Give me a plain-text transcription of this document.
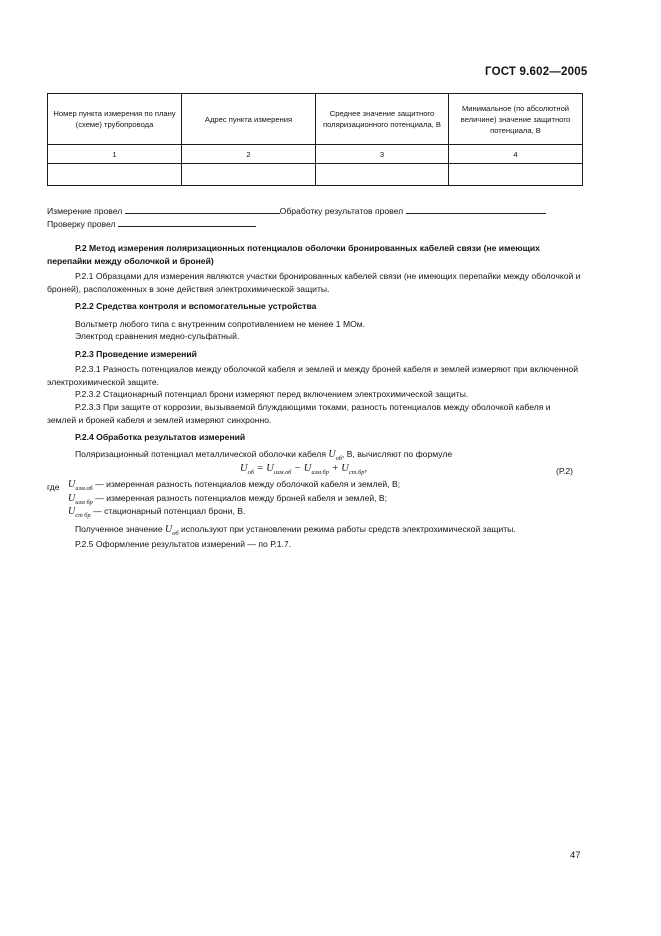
ГОСТ 9.602—2005
Номер пункта измерения по плану (схеме) трубопровода	Адрес пункта измерения	Среднее значение защитного поляризационного потенциала, В	Минимальное (по абсолютной величине) значение защитного потенциала, В
1	2	3	4

Измерение провел	Обработку результатов провел
Проверку провел
Р.2 Метод измерения поляризационных потенциалов оболочки бронированных кабелей связи (не имеющих перепайки между оболочкой и броней)
Р.2.1 Образцами для измерения являются участки бронированных кабелей связи (не имеющих перепайки между оболочкой и броней), расположенных в зоне действия электрохимической защиты.
Р.2.2 Средства контроля и вспомогательные устройства
Вольтметр любого типа с внутренним сопротивлением не менее 1 МОм.
Электрод сравнения медно-сульфатный.
Р.2.3 Проведение измерений
Р.2.3.1 Разность потенциалов между оболочкой кабеля и землей и между броней кабеля и землей измеряют при включенной электрохимической защите.
Р.2.3.2 Стационарный потенциал брони измеряют перед включением электрохимической защиты.
Р.2.3.3 При защите от коррозии, вызываемой блуждающими токами, разность потенциалов между оболочкой кабеля и землей и броней кабеля и землей измеряют синхронно.
Р.2.4 Обработка результатов измерений
Поляризационный потенциал металлической оболочки кабеля $U_{об}$, В, вычисляют по формуле
$U_{об} = U_{изм.об} - U_{изм.бр} + U_{ст.бр}$,	(Р.2)
где $U_{изм.об}$ — измеренная разность потенциалов между оболочкой кабеля и землей, В;
$U_{изм бр}$ — измеренная разность потенциалов между броней кабеля и землей, В;
$U_{ст бр}$ — стационарный потенциал брони, В.
Полученное значение $U_{об}$ используют при установлении режима работы средств электрохимической защиты.
Р.2.5 Оформление результатов измерений — по Р.1.7.
47
